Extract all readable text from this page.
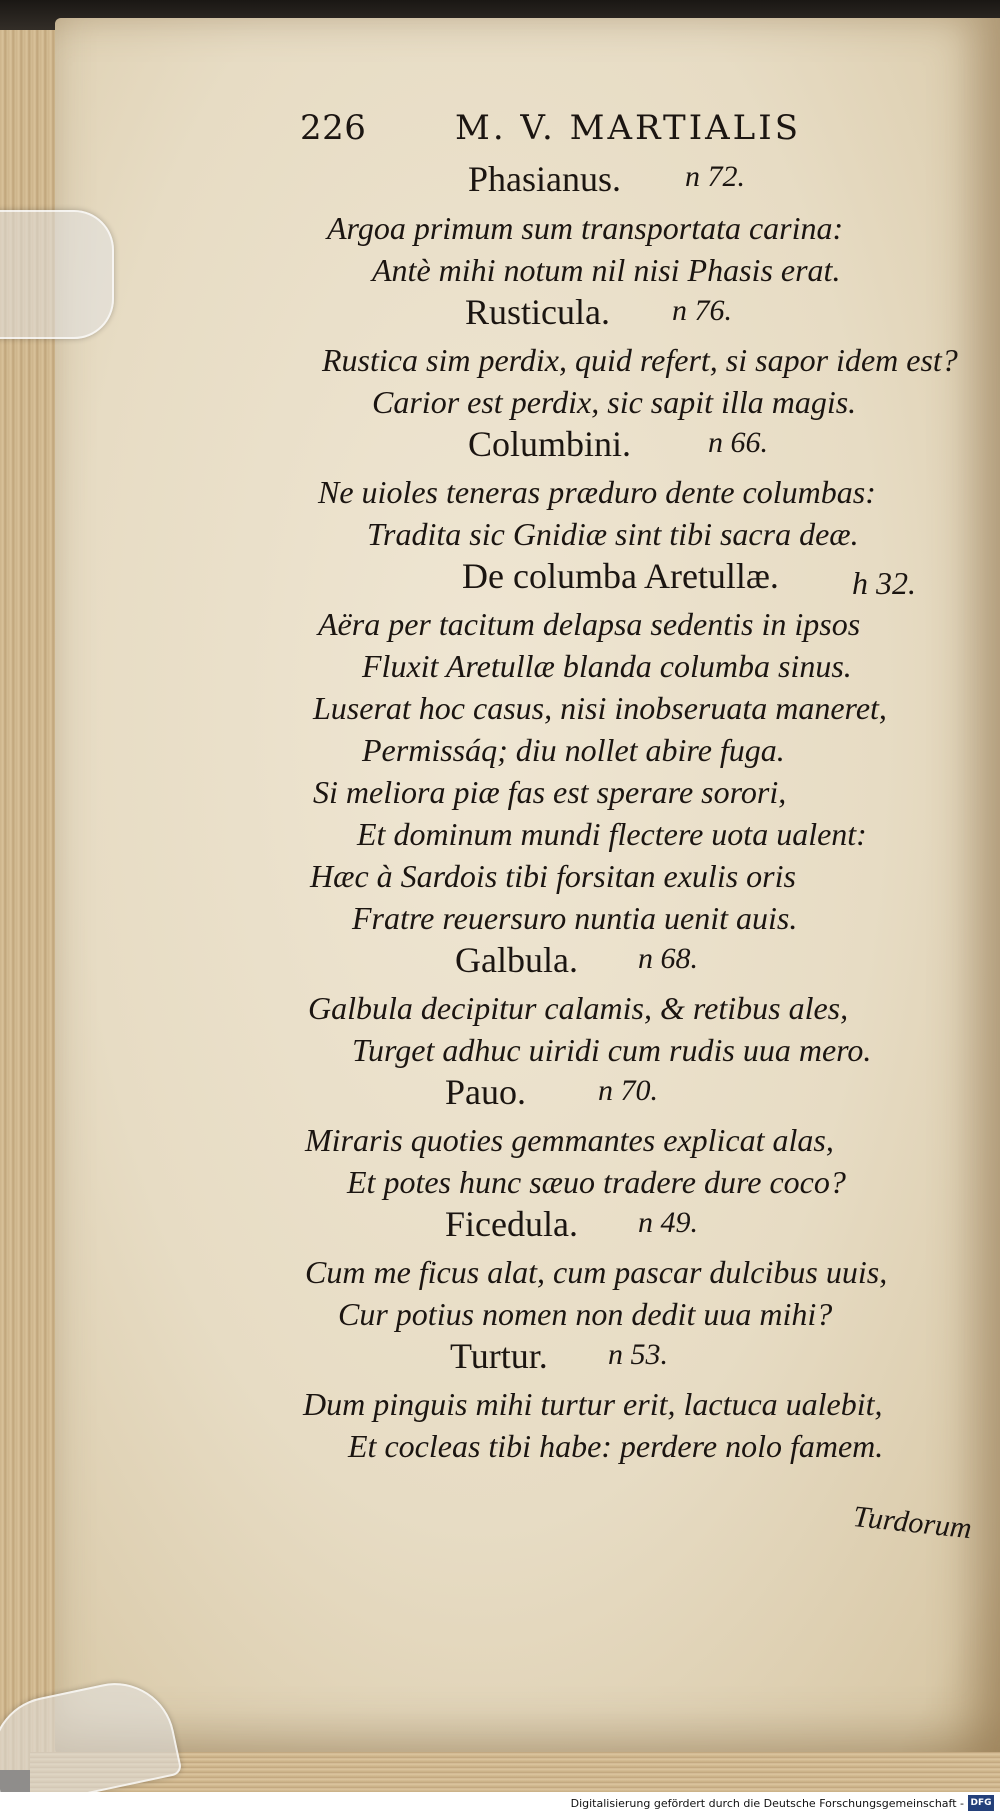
226	M. V. MARTIALIS
Phasianus. n 72.
Argoa primum sum transportata carina:
Antè mihi notum nil nisi Phasis erat.
Rusticula. n 76.
Rustica sim perdix, quid refert, si sapor idem est?
Carior est perdix, sic sapit illa magis.
Columbini.	n 66.
Ne uioles teneras præduro dente columbas:
Tradita sic Gnidiæ sint tibi sacra deæ.
De columba Aretullæ. h 32.
Aëra per tacitum delapsa sedentis in ipsos
Fluxit Aretullæ blanda columba sinus.
Luserat hoc casus, nisi inobseruata maneret,
Permissáq; diu nollet abire fuga.
Si meliora piæ fas est sperare sorori,
Et dominum mundi flectere uota ualent:
Hæc à Sardois tibi forsitan exulis oris
Fratre reuersuro nuntia uenit auis.
Galbula. n 68.
Galbula decipitur calamis, & retibus ales,
Turget adhuc uiridi cum rudis uua mero.
Pauo. n 70.
Miraris quoties gemmantes explicat alas,
Et potes hunc sæuo tradere dure coco?
Ficedula. n 49.
Cum me ficus alat, cum pascar dulcibus uuis,
Cur potius nomen non dedit uua mihi?
Turtur. n 53.
Dum pinguis mihi turtur erit, lactuca ualebit,
Et cocleas tibi habe: perdere nolo famem.
Turdorum
Digitalisierung gefördert durch die Deutsche Forschungsgemeinschaft - DFG
